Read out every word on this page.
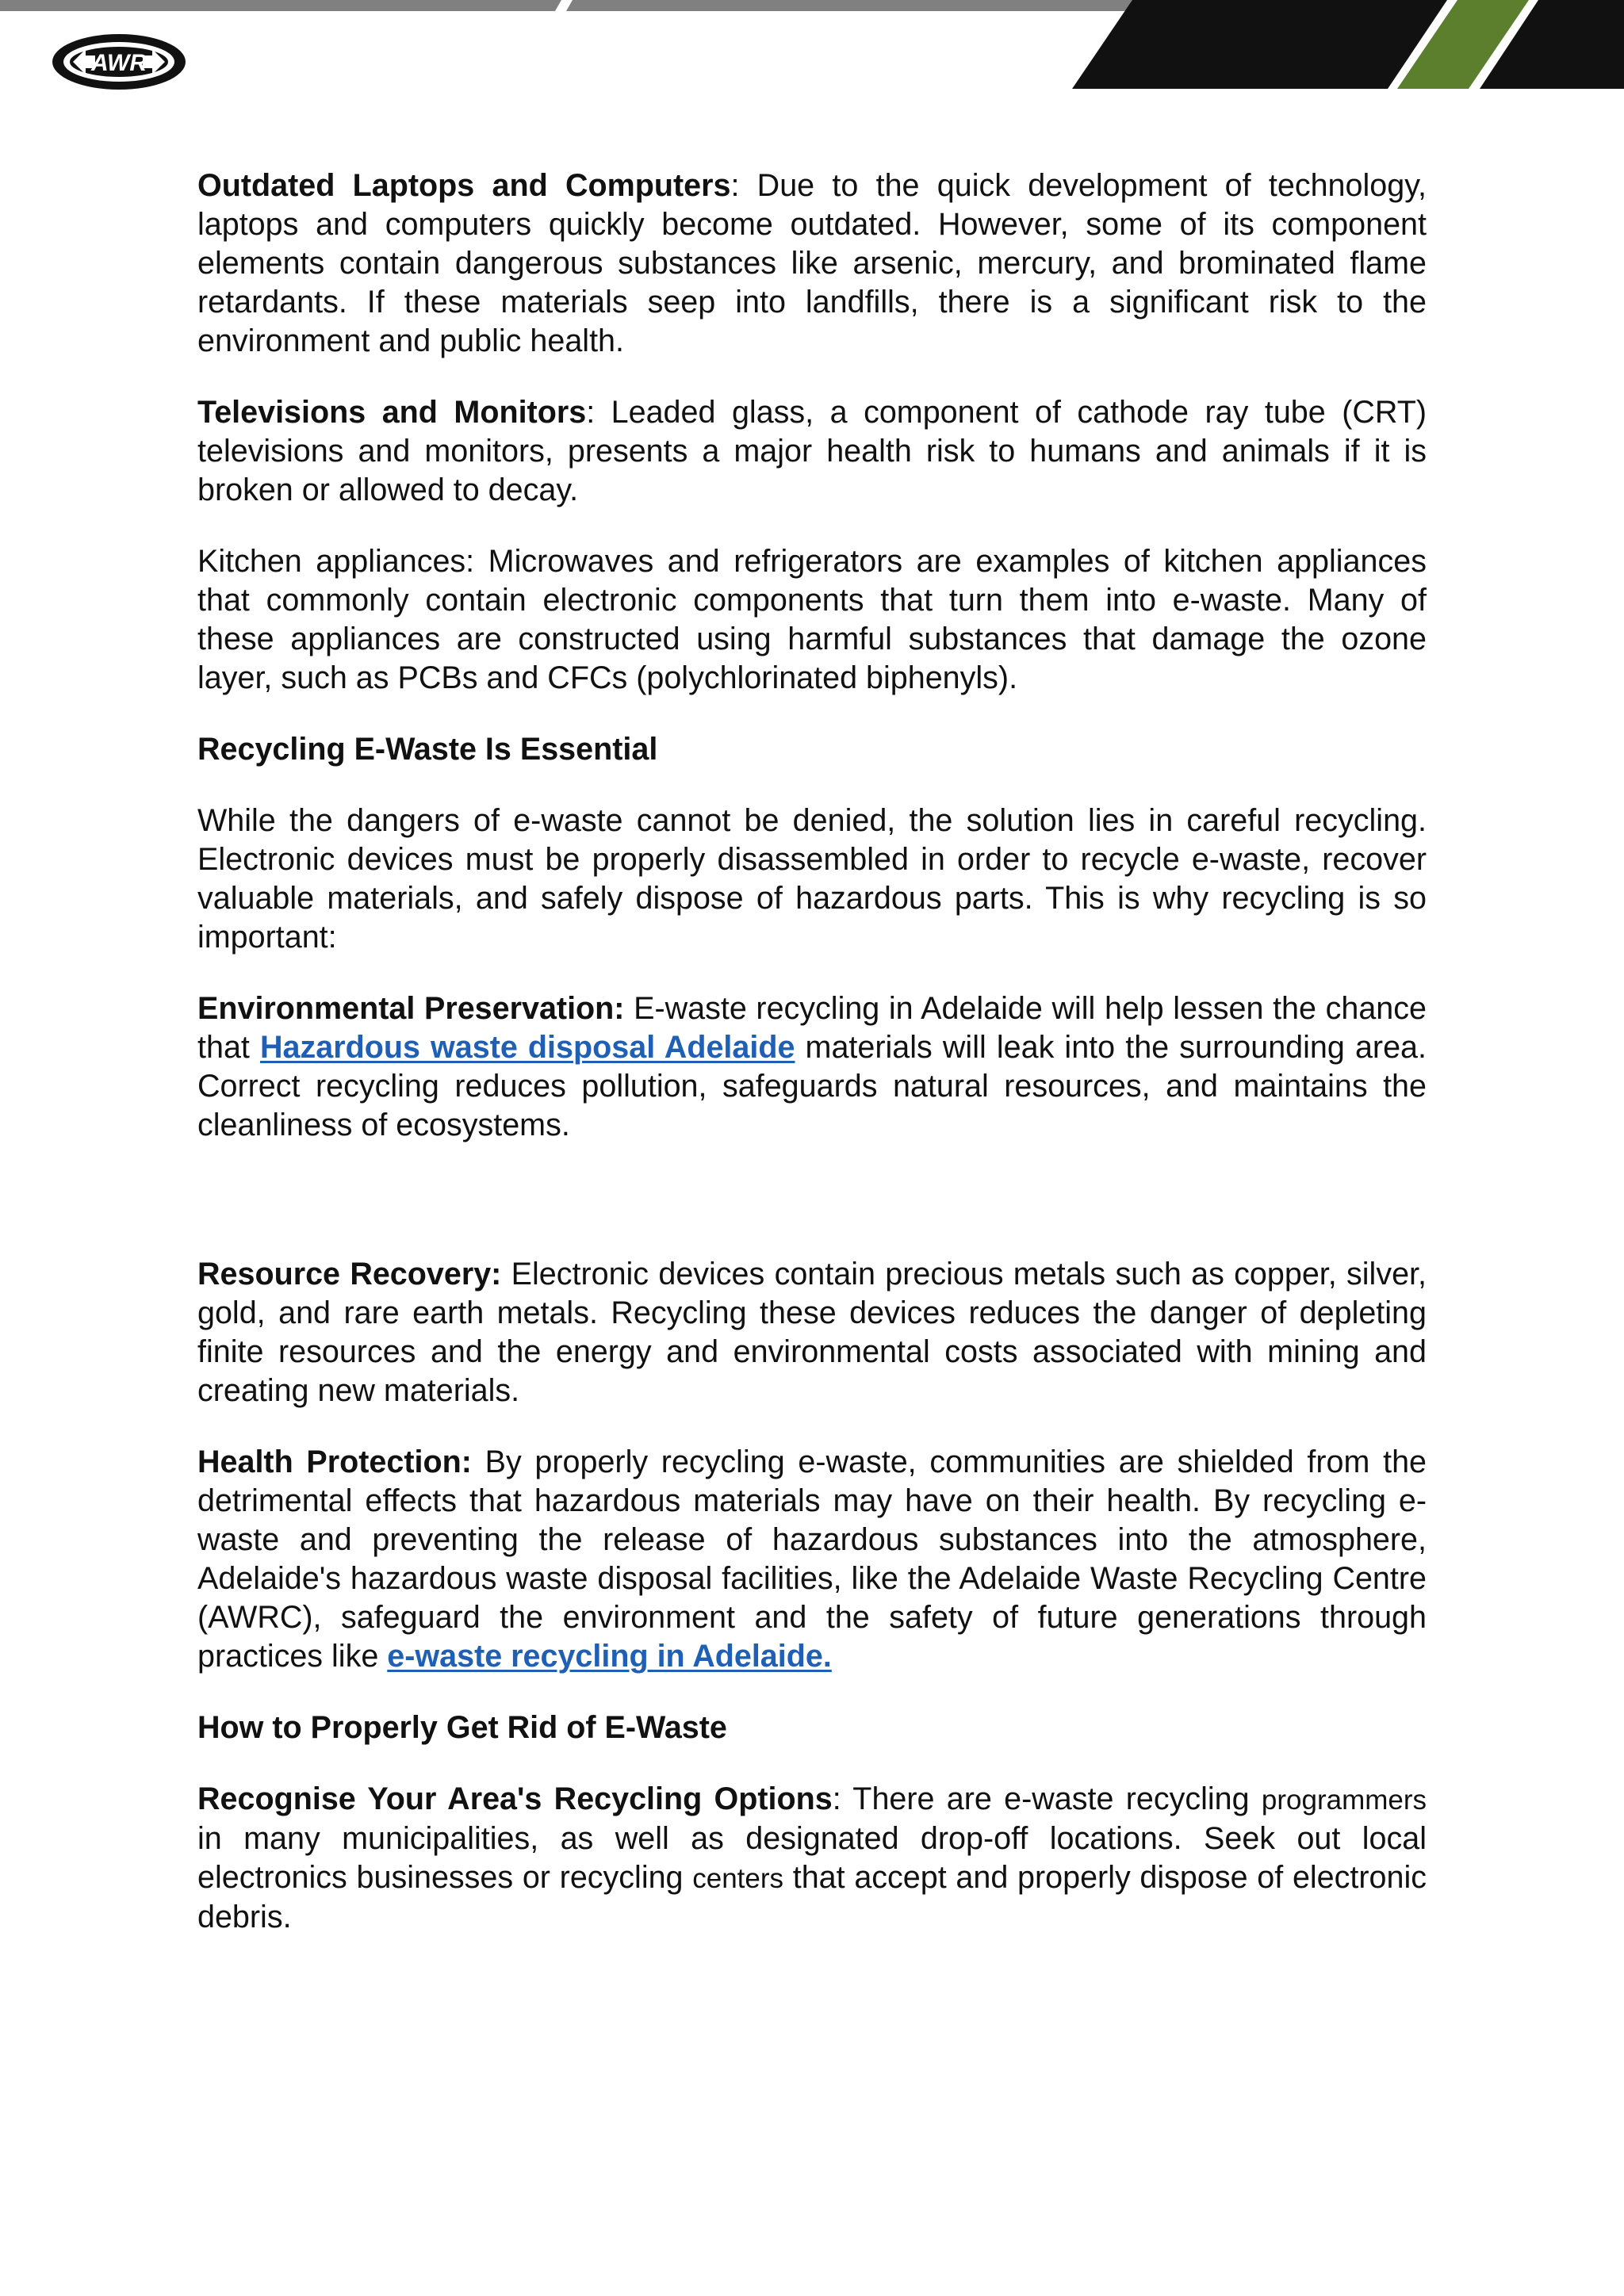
AWR

Outdated Laptops and Computers: Due to the quick development of technology, laptops and computers quickly become outdated. However, some of its component elements contain dangerous substances like arsenic, mercury, and brominated flame retardants. If these materials seep into landfills, there is a significant risk to the environment and public health.

Televisions and Monitors: Leaded glass, a component of cathode ray tube (CRT) televisions and monitors, presents a major health risk to humans and animals if it is broken or allowed to decay.

Kitchen appliances: Microwaves and refrigerators are examples of kitchen appliances that commonly contain electronic components that turn them into e-waste. Many of these appliances are constructed using harmful substances that damage the ozone layer, such as PCBs and CFCs (polychlorinated biphenyls).

Recycling E-Waste Is Essential

While the dangers of e-waste cannot be denied, the solution lies in careful recycling. Electronic devices must be properly disassembled in order to recycle e-waste, recover valuable materials, and safely dispose of hazardous parts. This is why recycling is so important:

Environmental Preservation: E-waste recycling in Adelaide will help lessen the chance that Hazardous waste disposal Adelaide materials will leak into the surrounding area. Correct recycling reduces pollution, safeguards natural resources, and maintains the cleanliness of ecosystems.

Resource Recovery: Electronic devices contain precious metals such as copper, silver, gold, and rare earth metals. Recycling these devices reduces the danger of depleting finite resources and the energy and environmental costs associated with mining and creating new materials.

Health Protection: By properly recycling e-waste, communities are shielded from the detrimental effects that hazardous materials may have on their health. By recycling e-waste and preventing the release of hazardous substances into the atmosphere, Adelaide's hazardous waste disposal facilities, like the Adelaide Waste Recycling Centre (AWRC), safeguard the environment and the safety of future generations through practices like e-waste recycling in Adelaide.

How to Properly Get Rid of E-Waste

Recognise Your Area's Recycling Options: There are e-waste recycling programmers in many municipalities, as well as designated drop-off locations. Seek out local electronics businesses or recycling centers that accept and properly dispose of electronic debris.
